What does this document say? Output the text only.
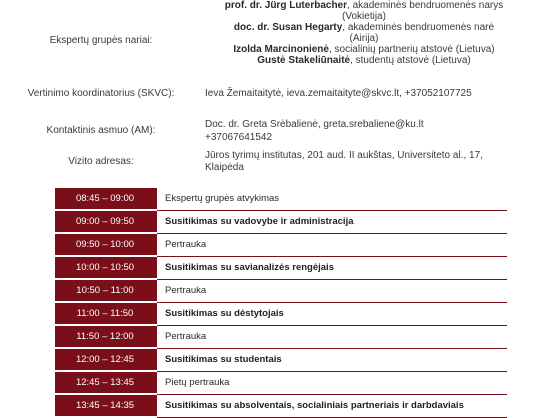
Ekspertų grupės nariai:
prof. dr. Jürg Luterbacher, akademinės bendruomenės narys
(Vokietija)
doc. dr. Susan Hegarty, akademinės bendruomenės narė
(Airija)
Izolda Marcinonienė, socialinių partnerių atstovė (Lietuva)
Gustė Stakeliūnaitė, studentų atstovė (Lietuva)
Vertinimo koordinatorius (SKVC):	Ieva Žemaitaitytė, ieva.zemaitaityte@skvc.lt, +37052107725
Kontaktinis asmuo (AM):
Doc. dr. Greta Srėbalienė, greta.srebaliene@ku.lt
+37067641542
Vizito adresas:
Jūros tyrimų institutas, 201 aud. II aukštas, Universiteto al., 17,
Klaipėda
08:45 – 09:00	Ekspertų grupės atvykimas
09:00 – 09:50	Susitikimas su vadovybe ir administracija
09:50 – 10:00	Pertrauka
10:00 – 10:50	Susitikimas su savianalizės rengėjais
10:50 – 11:00	Pertrauka
11:00 – 11:50	Susitikimas su dėstytojais
11:50 – 12:00	Pertrauka
12:00 – 12:45	Susitikimas su studentais
12:45 – 13:45	Pietų pertrauka
13:45 – 14:35	Susitikimas su absolventais, socialiniais partneriais ir darbdaviais
